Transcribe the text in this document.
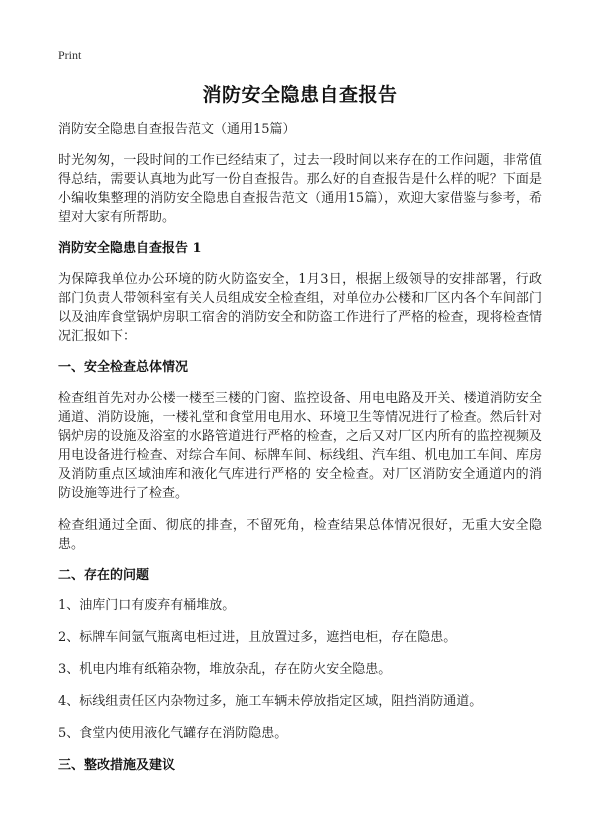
Print
消防安全隐患自查报告
消防安全隐患自查报告范文（通用15篇）

时光匆匆，一段时间的工作已经结束了，过去一段时间以来存在的工作问题，非常值得总结，需要认真地为此写一份自查报告。那么好的自查报告是什么样的呢？下面是小编收集整理的消防安全隐患自查报告范文（通用15篇），欢迎大家借鉴与参考，希望对大家有所帮助。

消防安全隐患自查报告 1

为保障我单位办公环境的防火防盗安全，1月3日，根据上级领导的安排部署，行政部门负责人带领科室有关人员组成安全检查组，对单位办公楼和厂区内各个车间部门以及油库食堂锅炉房职工宿舍的消防安全和防盗工作进行了严格的检查，现将检查情况汇报如下：

一、安全检查总体情况

检查组首先对办公楼一楼至三楼的门窗、监控设备、用电电路及开关、楼道消防安全通道、消防设施，一楼礼堂和食堂用电用水、环境卫生等情况进行了检查。然后针对锅炉房的设施及浴室的水路管道进行严格的检查，之后又对厂区内所有的监控视频及用电设备进行检查、对综合车间、标牌车间、标线组、汽车组、机电加工车间、库房及消防重点区域油库和液化气库进行严格的 安全检查。对厂区消防安全通道内的消防设施等进行了检查。

检查组通过全面、彻底的排查，不留死角，检查结果总体情况很好，无重大安全隐患。

二、存在的问题
1、油库门口有废弃有桶堆放。
2、标牌车间氩气瓶离电柜过进，且放置过多，遮挡电柜，存在隐患。
3、机电内堆有纸箱杂物，堆放杂乱，存在防火安全隐患。
4、标线组责任区内杂物过多，施工车辆未停放指定区域，阻挡消防通道。
5、食堂内使用液化气罐存在消防隐患。
三、整改措施及建议
